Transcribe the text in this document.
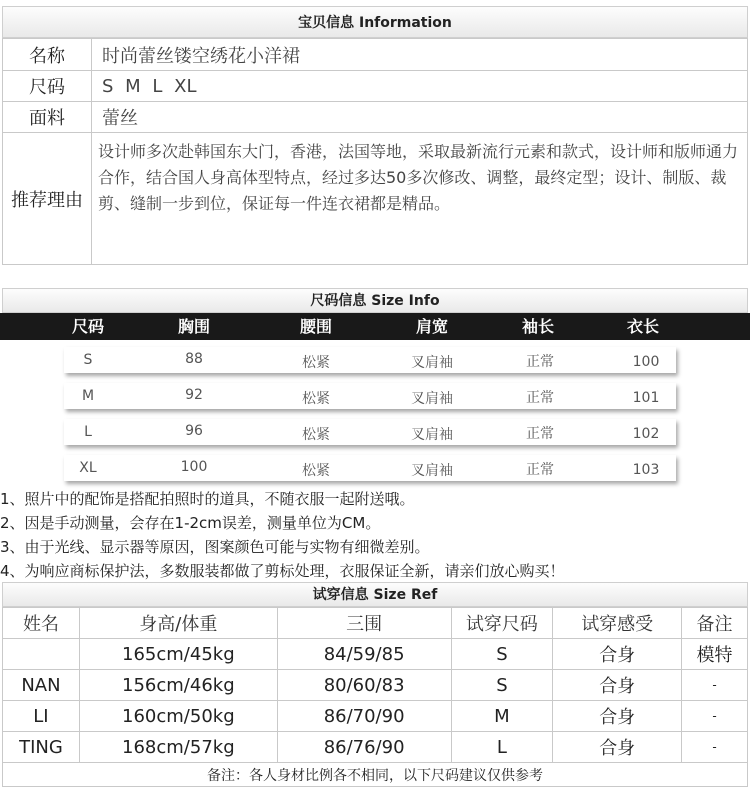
宝贝信息 Information
名称	时尚蕾丝镂空绣花小洋裙
尺码	S M L XL
面料	蕾丝
推荐理由	设计师多次赴韩国东大门，香港，法国等地，采取最新流行元素和款式，设计师和版师通力合作，结合国人身高体型特点，经过多达50多次修改、调整，最终定型；设计、制版、裁剪、缝制一步到位，保证每一件连衣裙都是精品。
尺码信息 Size Info
尺码	胸围	腰围	肩宽	袖长	衣长
S	88	松紧	叉肩袖	正常	100
M	92	松紧	叉肩袖	正常	101
L	96	松紧	叉肩袖	正常	102
XL	100	松紧	叉肩袖	正常	103
1、照片中的配饰是搭配拍照时的道具，不随衣服一起附送哦。
2、因是手动测量，会存在1-2cm误差，测量单位为CM。
3、由于光线、显示器等原因，图案颜色可能与实物有细微差别。
4、为响应商标保护法，多数服装都做了剪标处理，衣服保证全新，请亲们放心购买！
试穿信息 Size Ref
姓名	身高/体重	三围	试穿尺码	试穿感受	备注
	165cm/45kg	84/59/85	S	合身	模特
NAN	156cm/46kg	80/60/83	S	合身	-
LI	160cm/50kg	86/70/90	M	合身	-
TING	168cm/57kg	86/76/90	L	合身	-
备注：各人身材比例各不相同，以下尺码建议仅供参考					
